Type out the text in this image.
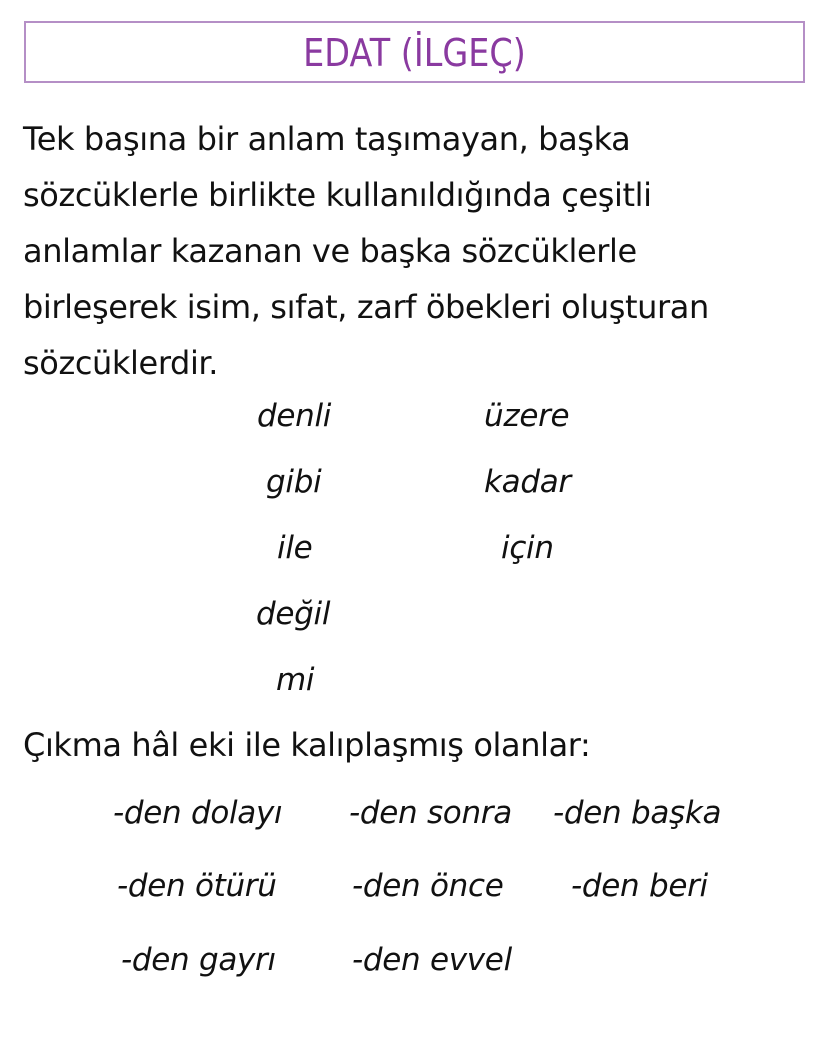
EDAT (İLGEÇ)

Tek başına bir anlam taşımayan, başka sözcüklerle birlikte kullanıldığında çeşitli anlamlar kazanan ve başka sözcüklerle birleşerek isim, sıfat, zarf öbekleri oluşturan sözcüklerdir.

denli
gibi
ile
değil
mi
üzere
kadar
için

Çıkma hâl eki ile kalıplaşmış olanlar:

-den dolayı -den sonra -den başka
-den ötürü -den önce -den beri
-den gayrı -den evvel
